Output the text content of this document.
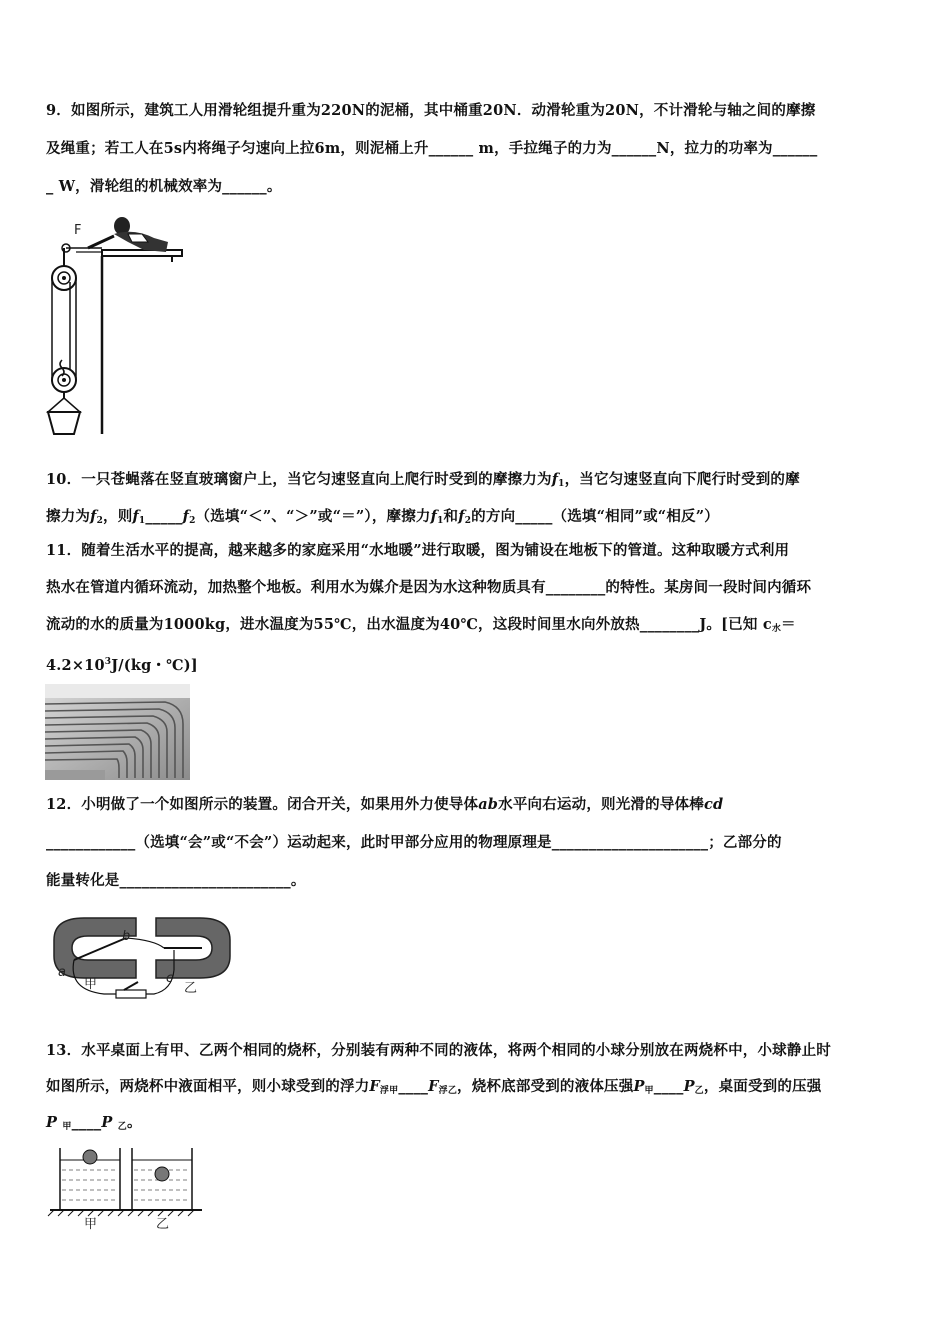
9．如图所示，建筑工人用滑轮组提升重为220N的泥桶，其中桶重20N．动滑轮重为20N，不计滑轮与轴之间的摩擦
及绳重；若工人在5s内将绳子匀速向上拉6m，则泥桶上升______ m，手拉绳子的力为______N，拉力的功率为______
_ W，滑轮组的机械效率为______。
F
10．一只苍蝇落在竖直玻璃窗户上，当它匀速竖直向上爬行时受到的摩擦力为$f_1$，当它匀速竖直向下爬行时受到的摩
擦力为$f_2$，则$f_1\_\_\_\_\_f_2$（选填“＜”、“＞”或“＝”），摩擦力$f_1$和$f_2$的方向_____（选填“相同”或“相反”）
11．随着生活水平的提高，越来越多的家庭采用“水地暖”进行取暖，图为铺设在地板下的管道。这种取暖方式利用
热水在管道内循环流动，加热整个地板。利用水为媒介是因为水这种物质具有________的特性。某房间一段时间内循环
流动的水的质量为1000kg，进水温度为55℃，出水温度为40℃，这段时间里水向外放热________J。[已知 $c_水=$
$4.2\times 10^3J/(kg$・℃)]
12．小明做了一个如图所示的装置。闭合开关，如果用外力使导体ab水平向右运动，则光滑的导体棒cd
____________（选填“会”或“不会”）运动起来，此时甲部分应用的物理原理是_____________________；乙部分的
能量转化是_______________________。
a
b
c
甲	乙
13．水平桌面上有甲、乙两个相同的烧杯，分别装有两种不同的液体，将两个相同的小球分别放在两烧杯中，小球静止时
如图所示，两烧杯中液面相平，则小球受到的浮力$F_{浮甲}\_\_\_\_F_{浮乙}$，烧杯底部受到的液体压强$P_甲\_\_\_\_P_乙$，桌面受到的压强
P $_甲$____P $_乙$。
甲	乙
